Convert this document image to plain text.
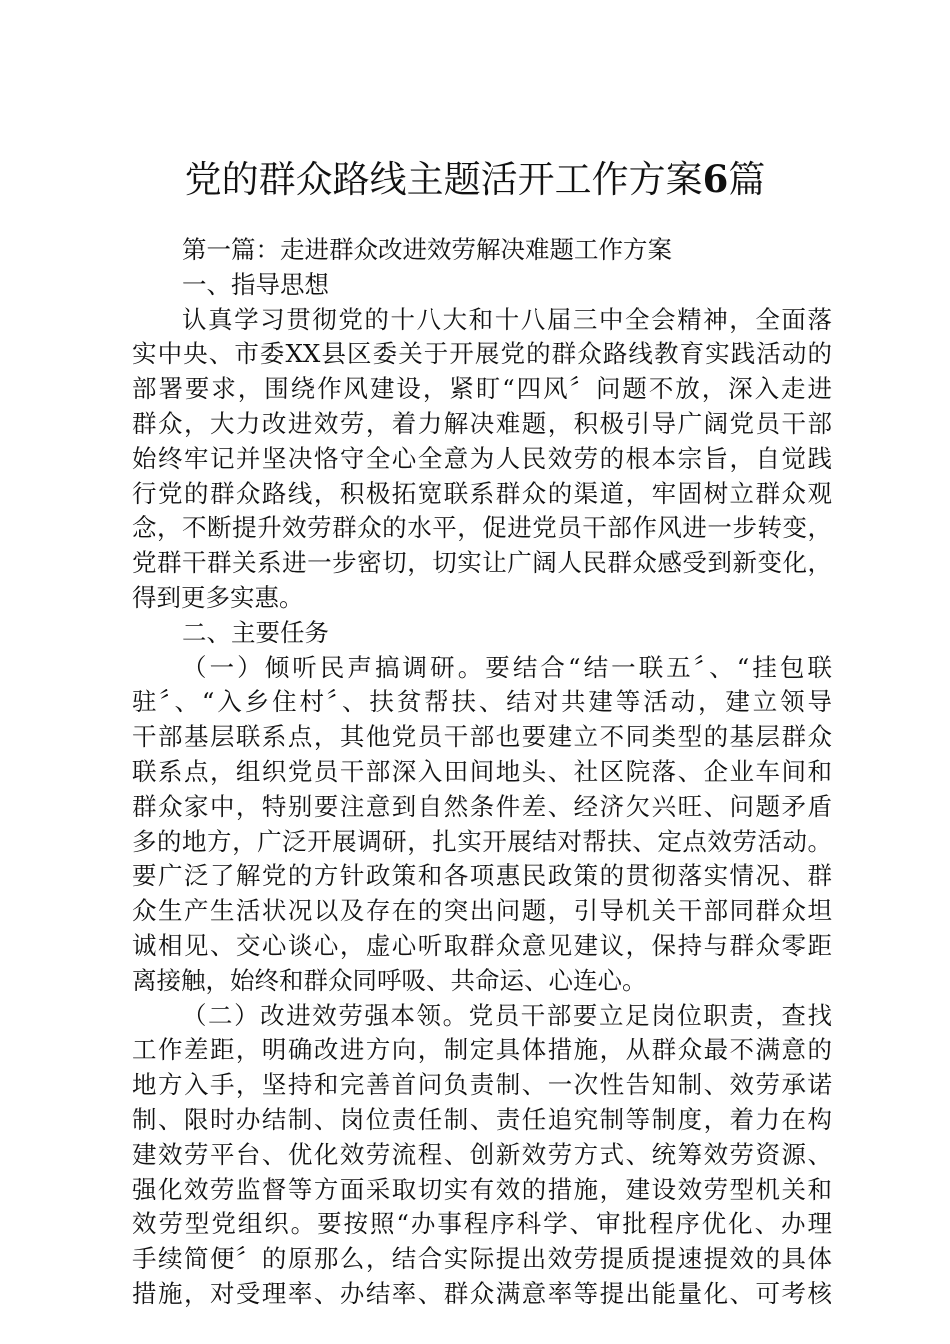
党的群众路线主题活开工作方案6篇
第一篇：走进群众改进效劳解决难题工作方案
一、指导思想
认真学习贯彻党的十八大和十八届三中全会精神，全面落
实中央、市委XX县区委关于开展党的群众路线教育实践活动的
部署要求，围绕作风建设，紧盯“四风〞问题不放，深入走进
群众，大力改进效劳，着力解决难题，积极引导广阔党员干部
始终牢记并坚决恪守全心全意为人民效劳的根本宗旨，自觉践
行党的群众路线，积极拓宽联系群众的渠道，牢固树立群众观
念，不断提升效劳群众的水平，促进党员干部作风进一步转变，
党群干群关系进一步密切，切实让广阔人民群众感受到新变化，
得到更多实惠。
二、主要任务
（一）倾听民声搞调研。要结合“结一联五〞、“挂包联
驻〞、“入乡住村〞、扶贫帮扶、结对共建等活动，建立领导
干部基层联系点，其他党员干部也要建立不同类型的基层群众
联系点，组织党员干部深入田间地头、社区院落、企业车间和
群众家中，特别要注意到自然条件差、经济欠兴旺、问题矛盾
多的地方，广泛开展调研，扎实开展结对帮扶、定点效劳活动。
要广泛了解党的方针政策和各项惠民政策的贯彻落实情况、群
众生产生活状况以及存在的突出问题，引导机关干部同群众坦
诚相见、交心谈心，虚心听取群众意见建议，保持与群众零距
离接触，始终和群众同呼吸、共命运、心连心。
（二）改进效劳强本领。党员干部要立足岗位职责，查找
工作差距，明确改进方向，制定具体措施，从群众最不满意的
地方入手，坚持和完善首问负责制、一次性告知制、效劳承诺
制、限时办结制、岗位责任制、责任追究制等制度，着力在构
建效劳平台、优化效劳流程、创新效劳方式、统筹效劳资源、
强化效劳监督等方面采取切实有效的措施，建设效劳型机关和
效劳型党组织。要按照“办事程序科学、审批程序优化、办理
手续简便〞的原那么，结合实际提出效劳提质提速提效的具体
措施，对受理率、办结率、群众满意率等提出能量化、可考核
